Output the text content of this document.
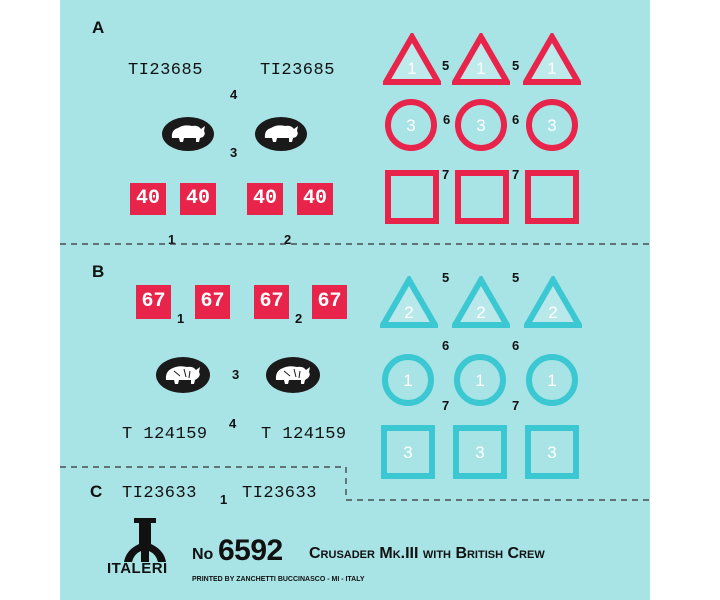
A
TI23685	TI23685
4
3
40	40	40	40
1	2
1	1	1
5	5
3	3	3
6	6
7	7
B
67 67 67 67
1	2
3
4
T 124159	T 124159
2	2	2
5	5
1	1	1
6	6
3	3	3
7	7
C TI23633 1 TI23633
ITALERI
No 6592 Crusader Mk.III with British Crew
PRINTED BY ZANCHETTI BUCCINASCO - MI - ITALY
